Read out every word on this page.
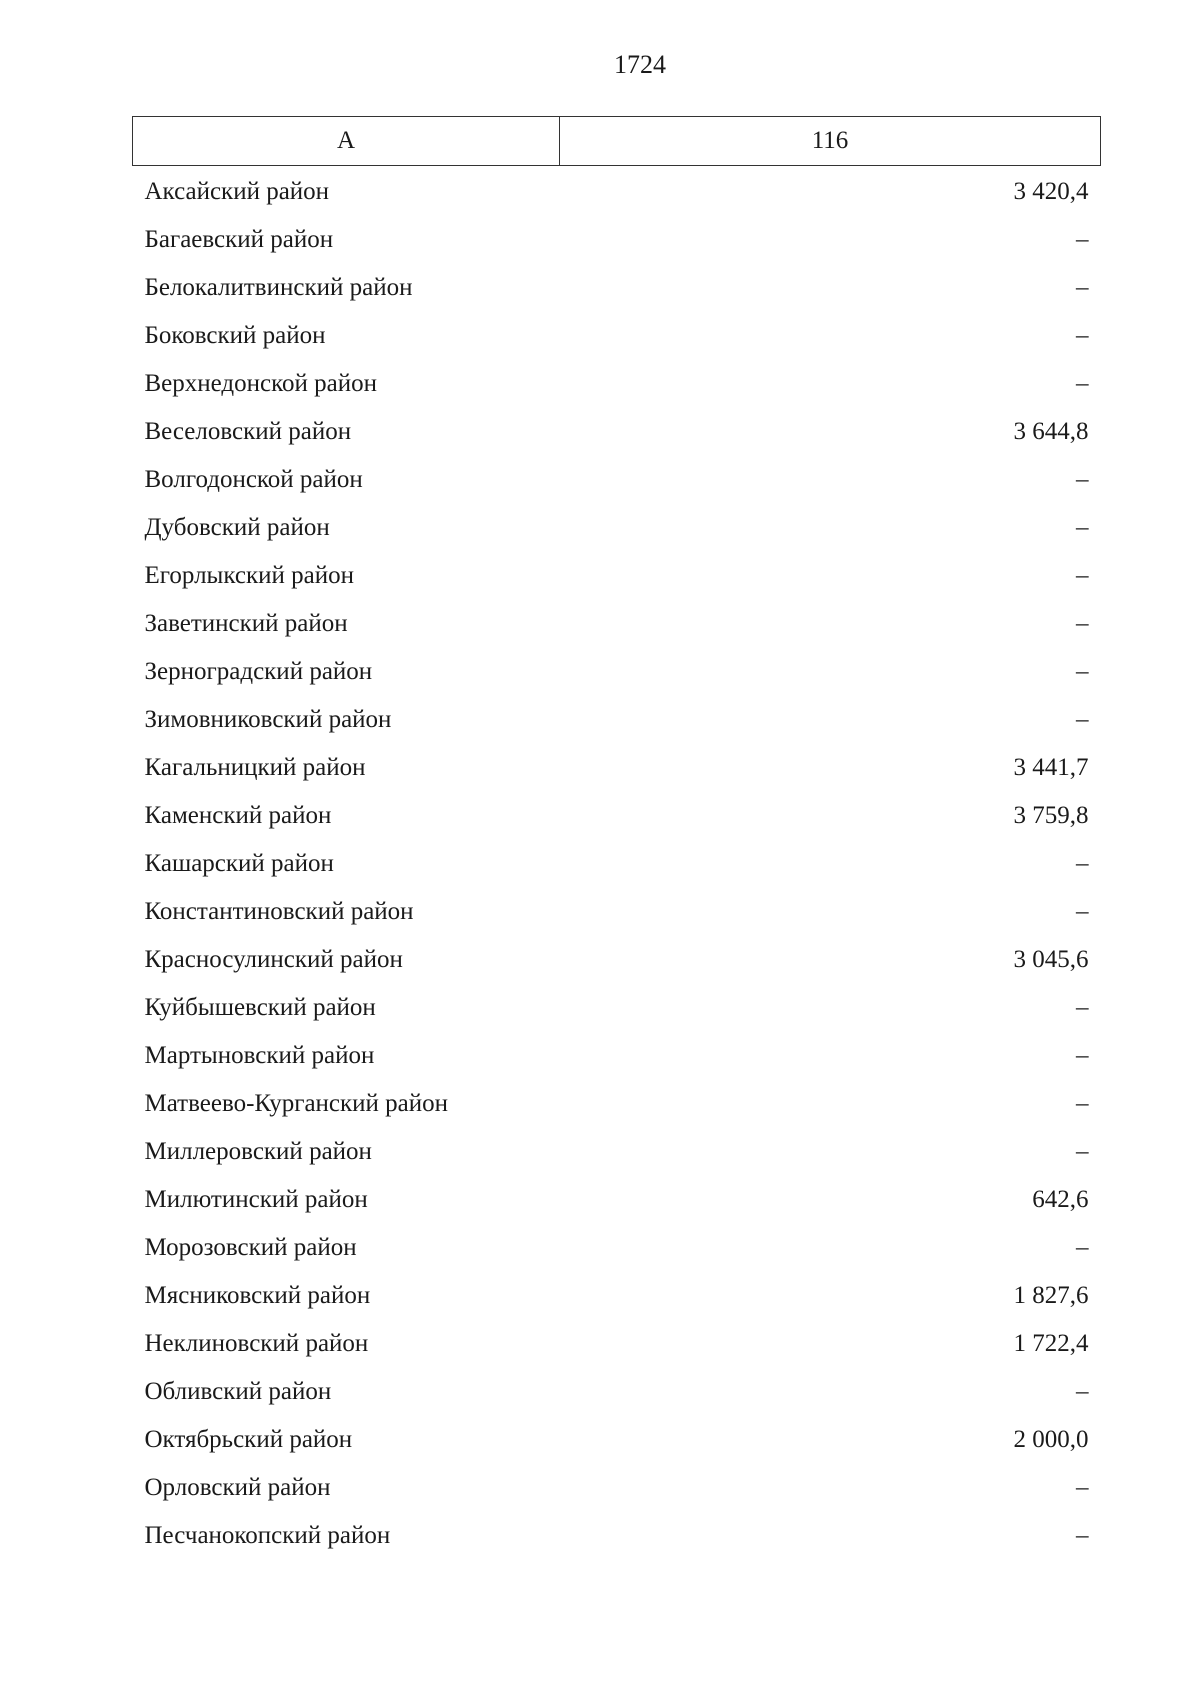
1724
А	116
Аксайский район	3 420,4
Багаевский район	–
Белокалитвинский район	–
Боковский район	–
Верхнедонской район	–
Веселовский район	3 644,8
Волгодонской район	–
Дубовский район	–
Егорлыкский район	–
Заветинский район	–
Зерноградский район	–
Зимовниковский район	–
Кагальницкий район	3 441,7
Каменский район	3 759,8
Кашарский район	–
Константиновский район	–
Красносулинский район	3 045,6
Куйбышевский район	–
Мартыновский район	–
Матвеево-Курганский район	–
Миллеровский район	–
Милютинский район	642,6
Морозовский район	–
Мясниковский район	1 827,6
Неклиновский район	1 722,4
Обливский район	–
Октябрьский район	2 000,0
Орловский район	–
Песчанокопский район	–
